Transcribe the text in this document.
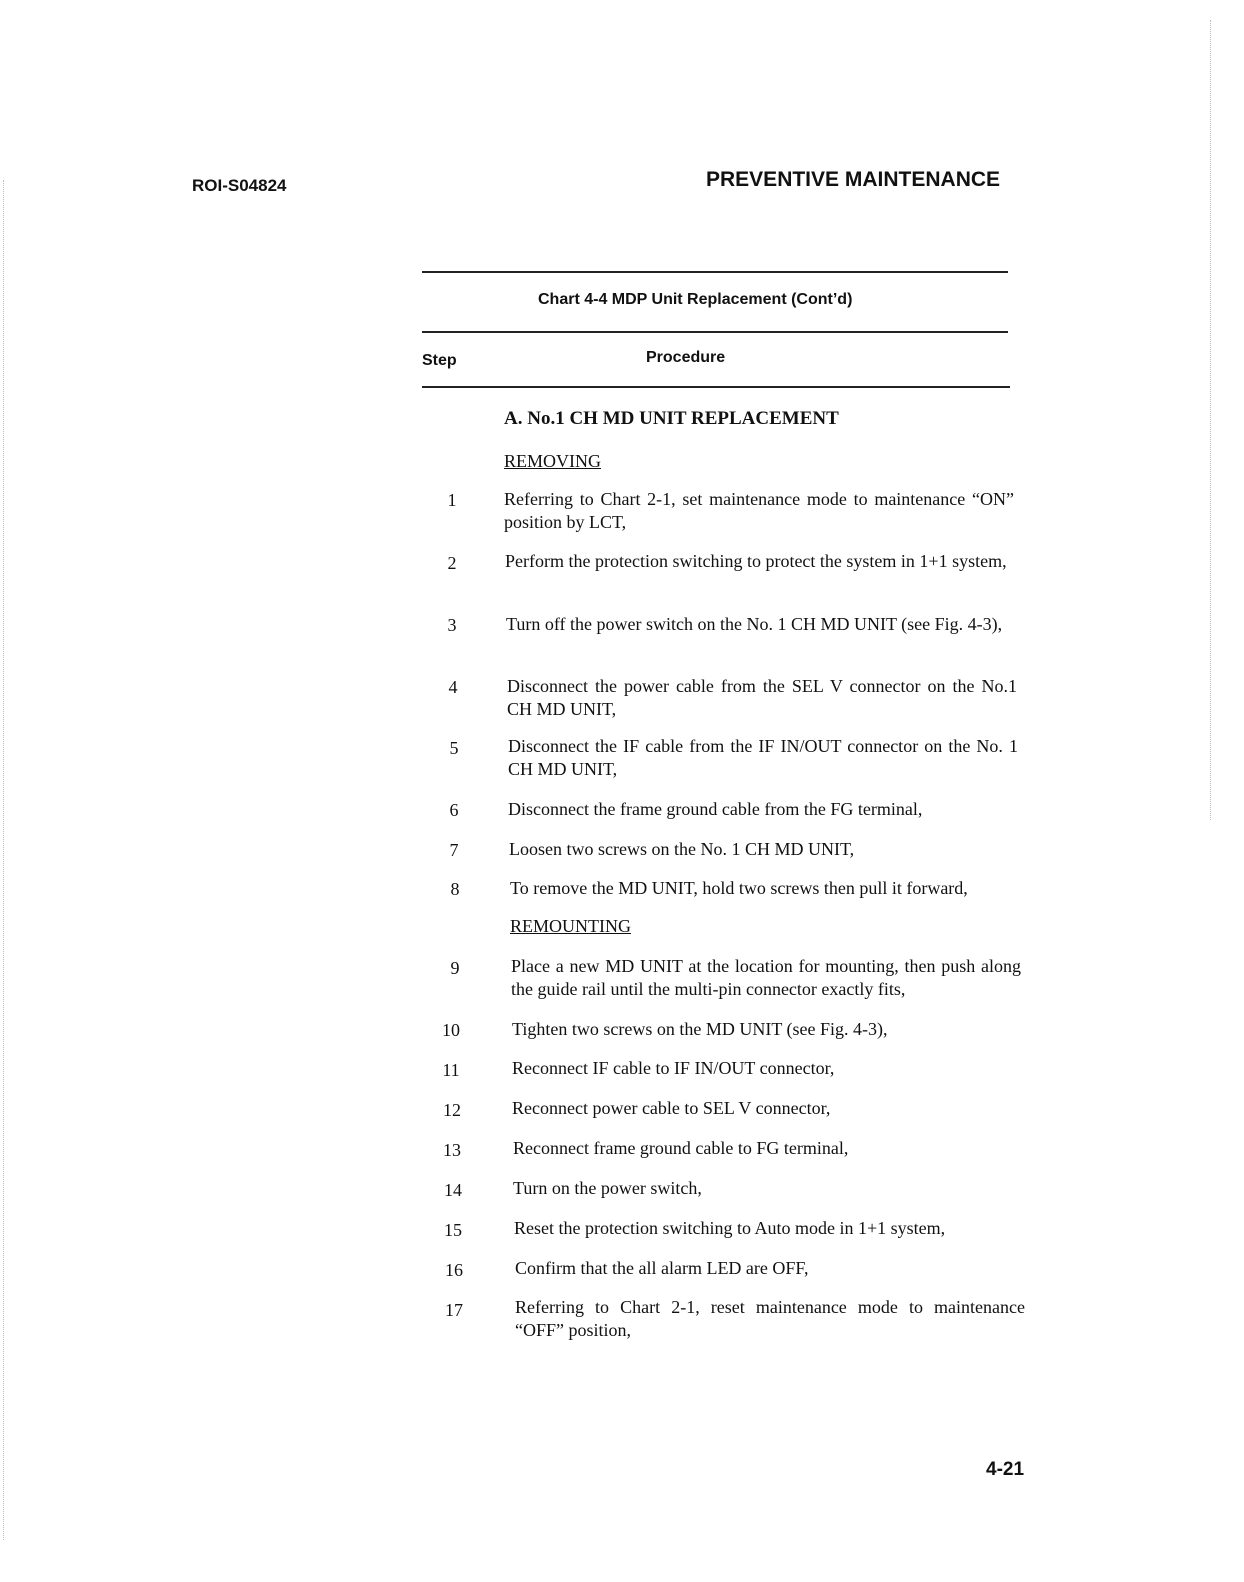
ROI-S04824	PREVENTIVE MAINTENANCE
Chart 4-4 MDP Unit Replacement (Cont’d)
Step	Procedure
A. No.1 CH MD UNIT REPLACEMENT
REMOVING
1	Referring to Chart 2-1, set maintenance mode to maintenance “ON” position by LCT,
2	Perform the protection switching to protect the system in 1+1 system,
3	Turn off the power switch on the No. 1 CH MD UNIT (see Fig. 4-3),
4	Disconnect the power cable from the SEL V connector on the No.1 CH MD UNIT,
5	Disconnect the IF cable from the IF IN/OUT connector on the No. 1 CH MD UNIT,
6	Disconnect the frame ground cable from the FG terminal,
7	Loosen two screws on the No. 1 CH MD UNIT,
8	To remove the MD UNIT, hold two screws then pull it forward,
REMOUNTING
9	Place a new MD UNIT at the location for mounting, then push along the guide rail until the multi-pin connector exactly fits,
10	Tighten two screws on the MD UNIT (see Fig. 4-3),
11	Reconnect IF cable to IF IN/OUT connector,
12	Reconnect power cable to SEL V connector,
13	Reconnect frame ground cable to FG terminal,
14	Turn on the power switch,
15	Reset the protection switching to Auto mode in 1+1 system,
16	Confirm that the all alarm LED are OFF,
17	Referring to Chart 2-1, reset maintenance mode to maintenance “OFF” position,
4-21
